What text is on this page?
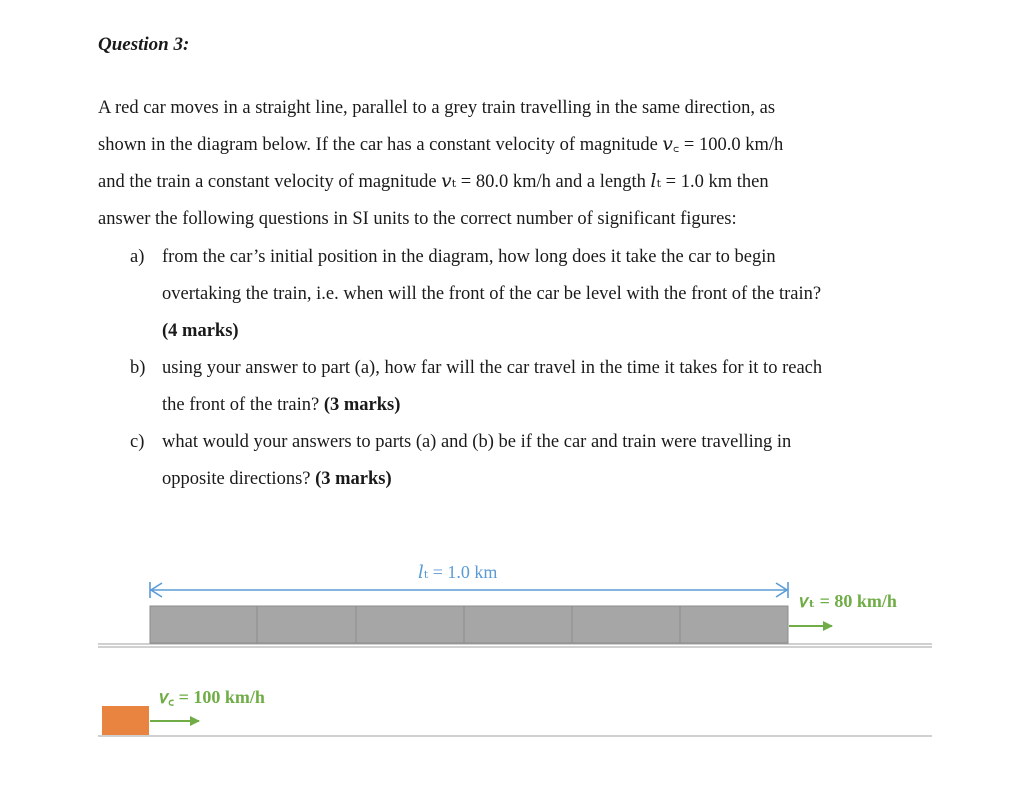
Question 3:
A red car moves in a straight line, parallel to a grey train travelling in the same direction, as
shown in the diagram below. If the car has a constant velocity of magnitude 𝑣꜀ = 100.0 km/h
and the train a constant velocity of magnitude 𝑣ₜ = 80.0 km/h and a length 𝑙ₜ = 1.0 km then
answer the following questions in SI units to the correct number of significant figures:
a) from the car’s initial position in the diagram, how long does it take the car to begin
overtaking the train, i.e. when will the front of the car be level with the front of the train?
(4 marks)
b) using your answer to part (a), how far will the car travel in the time it takes for it to reach
the front of the train? (3 marks)
c) what would your answers to parts (a) and (b) be if the car and train were travelling in
opposite directions? (3 marks)
𝑙ₜ = 1.0 km
𝑣ₜ = 80 km/h
𝑣꜀ = 100 km/h
